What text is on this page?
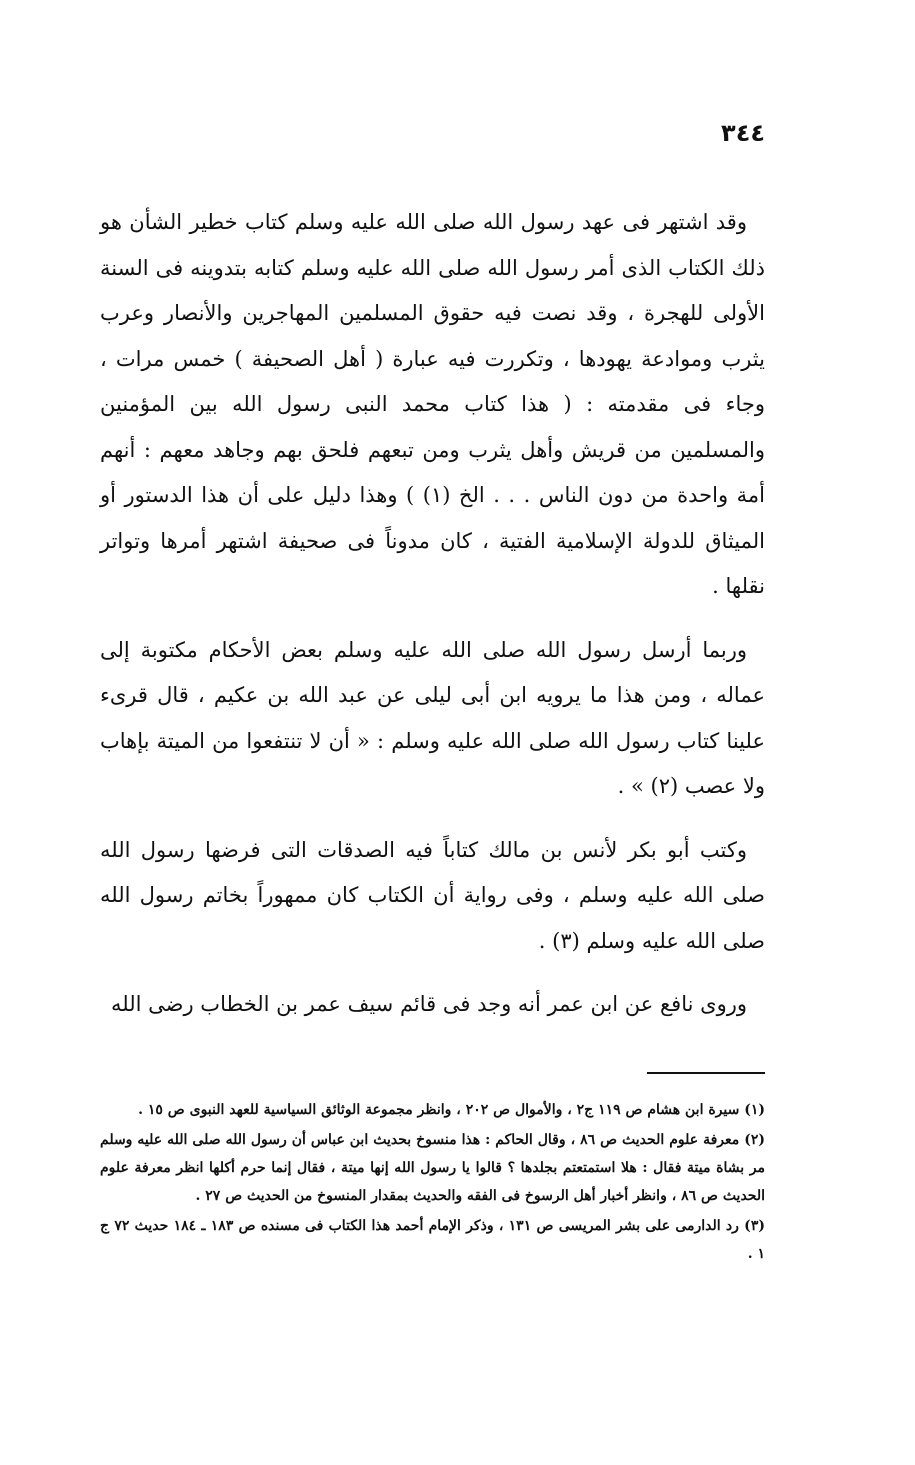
٣٤٤

وقد اشتهر فى عهد رسول الله صلى الله عليه وسلم كتاب خطير الشأن هو ذلك الكتاب الذى أمر رسول الله صلى الله عليه وسلم كتابه بتدوينه فى السنة الأولى للهجرة ، وقد نصت فيه حقوق المسلمين المهاجرين والأنصار وعرب يثرب وموادعة يهودها ، وتكررت فيه عبارة ( أهل الصحيفة ) خمس مرات ، وجاء فى مقدمته : ( هذا كتاب محمد النبى رسول الله بين المؤمنين والمسلمين من قريش وأهل يثرب ومن تبعهم فلحق بهم وجاهد معهم : أنهم أمة واحدة من دون الناس . . . الخ (١) ) وهذا دليل على أن هذا الدستور أو الميثاق للدولة الإسلامية الفتية ، كان مدوناً فى صحيفة اشتهر أمرها وتواتر نقلها .

وربما أرسل رسول الله صلى الله عليه وسلم بعض الأحكام مكتوبة إلى عماله ، ومن هذا ما يرويه ابن أبى ليلى عن عبد الله بن عكيم ، قال قرىء علينا كتاب رسول الله صلى الله عليه وسلم : « أن لا تنتفعوا من الميتة بإهاب ولا عصب (٢) » .

وكتب أبو بكر لأنس بن مالك كتاباً فيه الصدقات التى فرضها رسول الله صلى الله عليه وسلم ، وفى رواية أن الكتاب كان ممهوراً بخاتم رسول الله صلى الله عليه وسلم (٣) .

وروى نافع عن ابن عمر أنه وجد فى قائم سيف عمر بن الخطاب رضى الله

(١) سيرة ابن هشام ص ١١٩ ج٢ ، والأموال ص ٢٠٢ ، وانظر مجموعة الوثائق السياسية للعهد النبوى ص ١٥ .

(٢) معرفة علوم الحديث ص ٨٦ ، وقال الحاكم : هذا منسوخ بحديث ابن عباس أن رسول الله صلى الله عليه وسلم مر بشاة ميتة فقال : هلا استمتعتم بجلدها ؟ قالوا يا رسول الله إنها ميتة ، فقال إنما حرم أكلها انظر معرفة علوم الحديث ص ٨٦ ، وانظر أخبار أهل الرسوخ فى الفقه والحديث بمقدار المنسوخ من الحديث ص ٢٧ .

(٣) رد الدارمى على بشر المريسى ص ١٣١ ، وذكر الإمام أحمد هذا الكتاب فى مسنده ص ١٨٣ ـ ١٨٤ حديث ٧٢ ج ١ .
